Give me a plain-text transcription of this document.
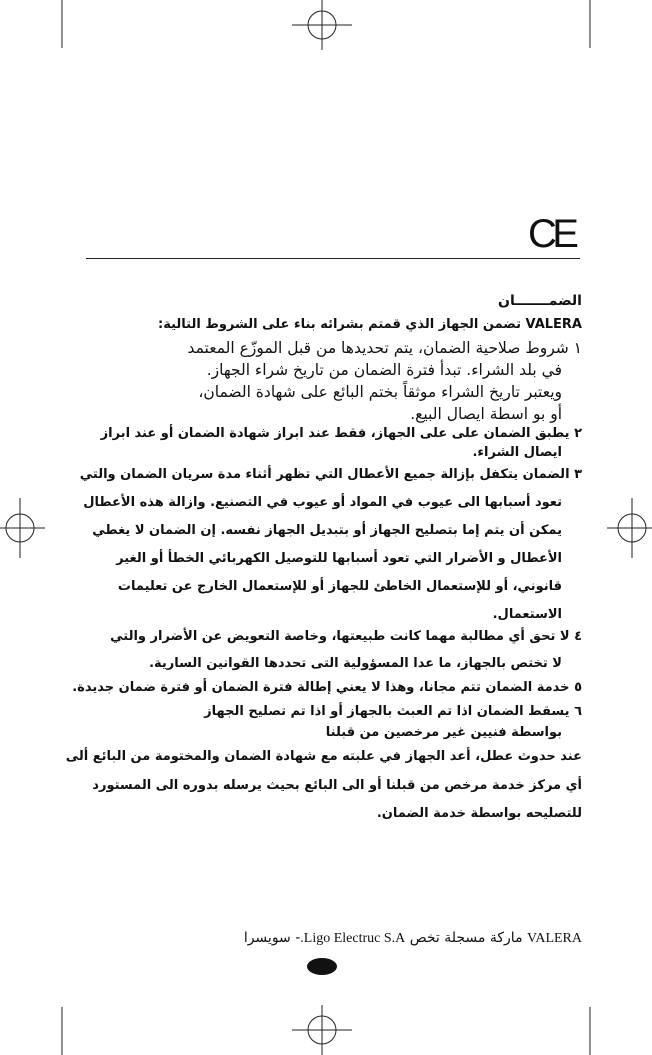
C E
الضمـــــــان
VALERA تضمن الجهاز الذي قمتم بشرائه بناء على الشروط التالية:
١ شروط صلاحية الضمان، يتم تحديدها من قبل الموزّع المعتمد
في بلد الشراء. تبدأ فترة الضمان من تاريخ شراء الجهاز.
ويعتبر تاريخ الشراء موثقاً بختم البائع على شهادة الضمان،
أو بو اسطة ايصال البيع.
٢ يطبق الضمان على على الجهاز، فقط عند ابراز شهادة الضمان أو عند ابراز
ايصال الشراء.
٣ الضمان يتكفل بإزالة جميع الأعطال التي تظهر أثناء مدة سريان الضمان والتي
تعود أسبابها الى عيوب في المواد أو عيوب في التصنيع. وازالة هذه الأعطال
يمكن أن يتم إما بتصليح الجهاز أو بتبديل الجهاز نفسه. إن الضمان لا يغطي
الأعطال و الأضرار التي تعود أسبابها للتوصيل الكهربائي الخطأ أو الغير
قانوني، أو للإستعمال الخاطئ للجهاز أو للإستعمال الخارج عن تعليمات
الاستعمال.
٤ لا تحق أي مطالبة مهما كانت طبيعتها، وخاصة التعويض عن الأضرار والتي
لا تختص بالجهاز، ما عدا المسؤولية التى تحددها القوانين السارية.
٥ خدمة الضمان تتم مجانا، وهذا لا يعني إطالة فترة الضمان أو فترة ضمان جديدة.
٦ يسقط الضمان اذا تم العبث بالجهاز أو اذا تم تصليح الجهاز
بواسطة فنيين غير مرخصين من قبلنا
عند حدوث عطل، أعد الجهاز في علبته مع شهادة الضمان والمختومة من البائع ألى
أي مركز خدمة مرخص من قبلنا أو الى البائع بحيث يرسله بدوره الى المستورد
للتصليحه بواسطة خدمة الضمان.
VALERA ماركة مسجلة تخص Ligo Electruc S.A.- سويسرا
